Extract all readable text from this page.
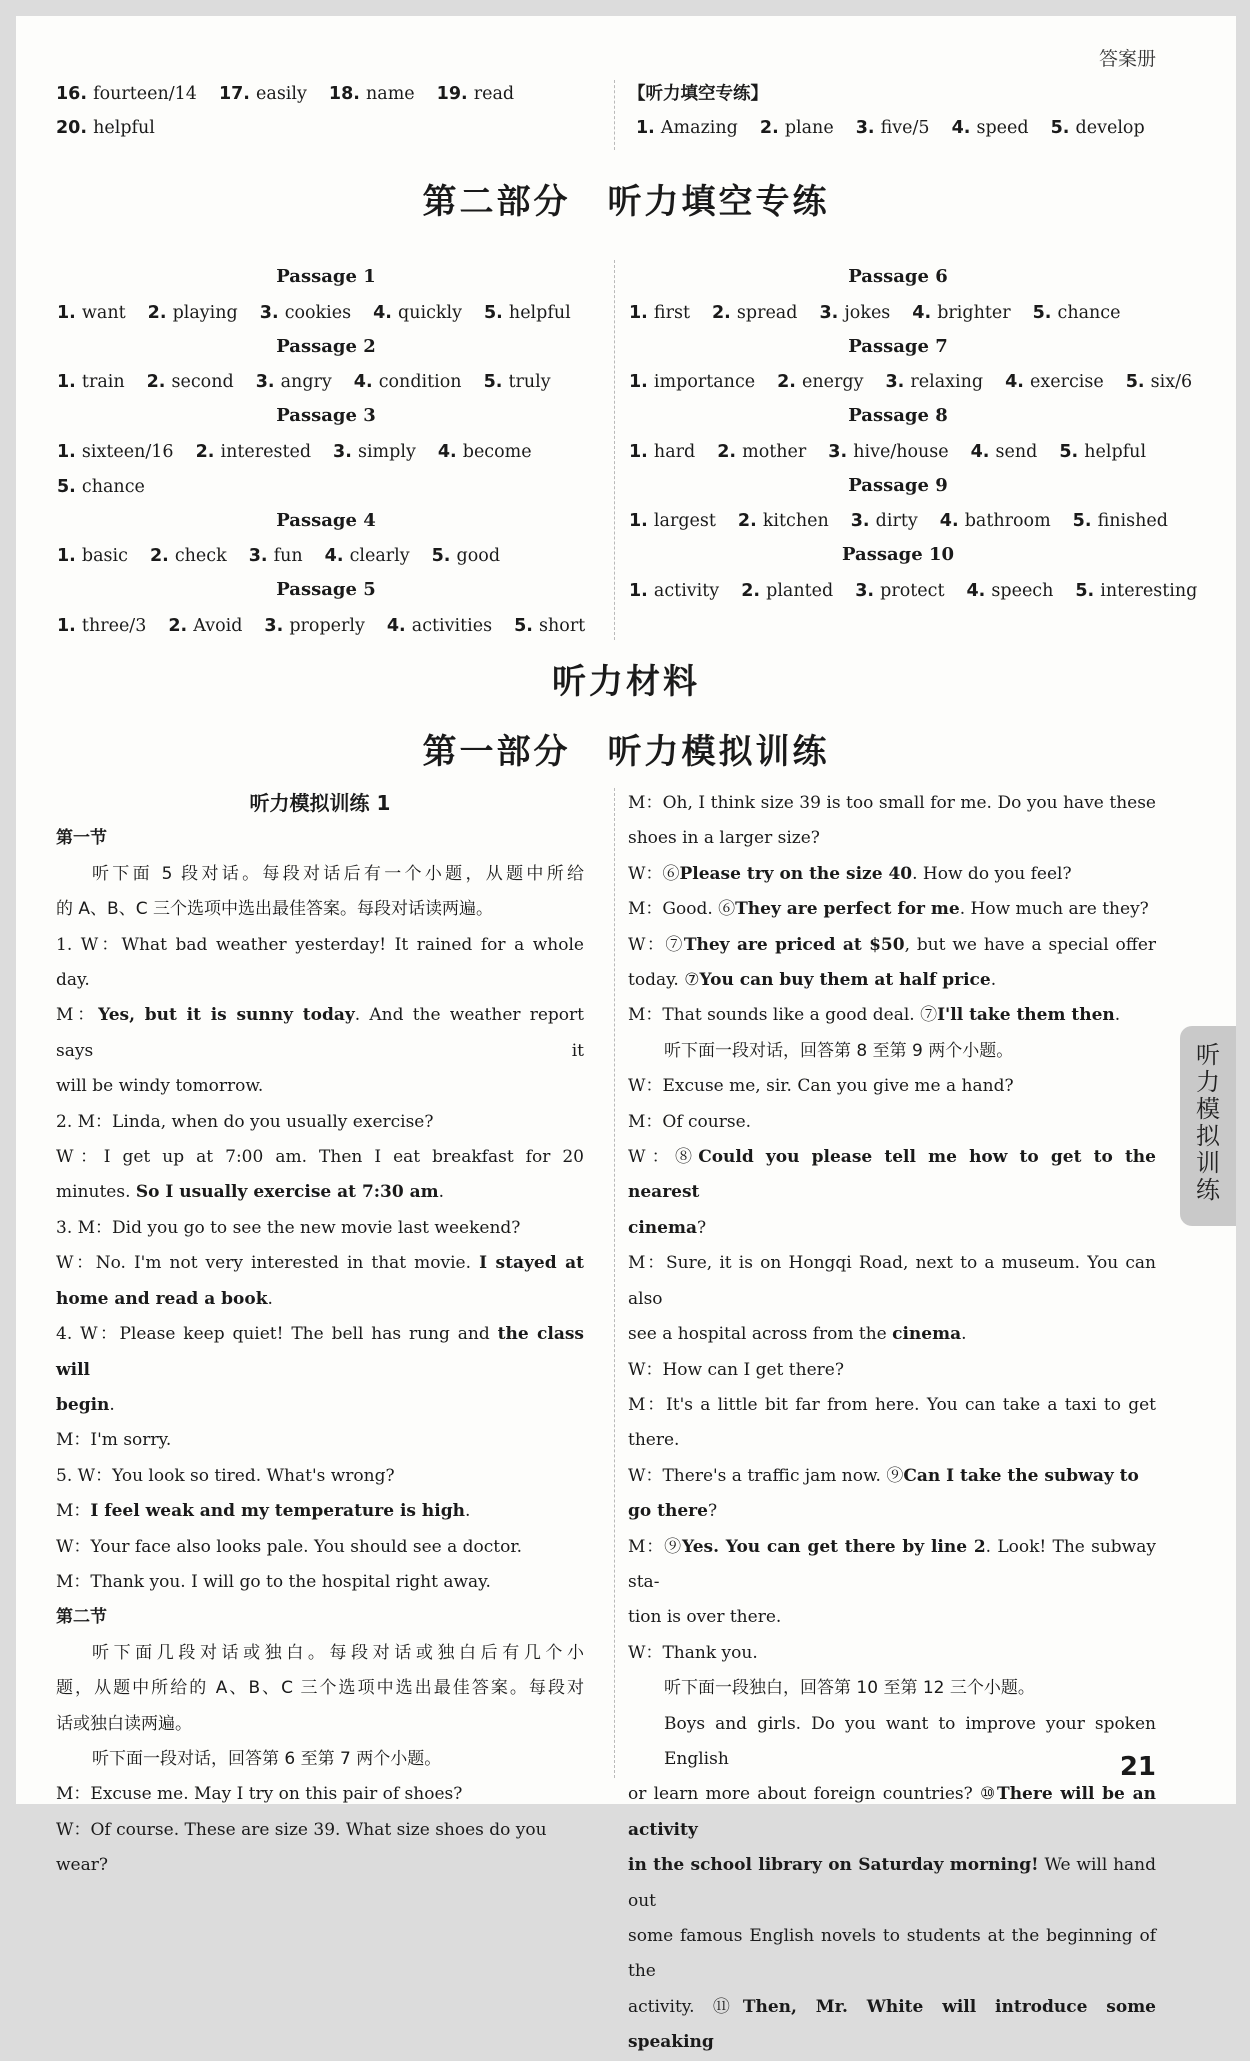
答案册
16. fourteen/14 17. easily 18. name 19. read
20. helpful
【听力填空专练】
1. Amazing 2. plane 3. five/5 4. speed 5. develop
第二部分　听力填空专练
Passage 1
1. want 2. playing 3. cookies 4. quickly 5. helpful
Passage 2
1. train 2. second 3. angry 4. condition 5. truly
Passage 3
1. sixteen/16 2. interested 3. simply 4. become
5. chance
Passage 4
1. basic 2. check 3. fun 4. clearly 5. good
Passage 5
1. three/3 2. Avoid 3. properly 4. activities 5. short
Passage 6
1. first 2. spread 3. jokes 4. brighter 5. chance
Passage 7
1. importance 2. energy 3. relaxing 4. exercise 5. six/6
Passage 8
1. hard 2. mother 3. hive/house 4. send 5. helpful
Passage 9
1. largest 2. kitchen 3. dirty 4. bathroom 5. finished
Passage 10
1. activity 2. planted 3. protect 4. speech 5. interesting
听力材料
第一部分　听力模拟训练

听力模拟训练 1

第一节

听下面 5 段对话。每段对话后有一个小题，从题中所给

的 A、B、C 三个选项中选出最佳答案。每段对话读两遍。

1. W：What bad weather yesterday! It rained for a whole day.

M：Yes, but it is sunny today. And the weather report says it

will be windy tomorrow.

2. M：Linda, when do you usually exercise?

W：I get up at 7:00 am. Then I eat breakfast for 20

minutes. So I usually exercise at 7:30 am.

3. M：Did you go to see the new movie last weekend?

W：No. I'm not very interested in that movie. I stayed at

home and read a book.

4. W：Please keep quiet! The bell has rung and the class will

begin.

M：I'm sorry.

5. W：You look so tired. What's wrong?

M：I feel weak and my temperature is high.

W：Your face also looks pale. You should see a doctor.

M：Thank you. I will go to the hospital right away.

第二节

听下面几段对话或独白。每段对话或独白后有几个小

题，从题中所给的 A、B、C 三个选项中选出最佳答案。每段对

话或独白读两遍。

听下面一段对话，回答第 6 至第 7 两个小题。

M：Excuse me. May I try on this pair of shoes?

W：Of course. These are size 39. What size shoes do you wear?

M：Oh, I think size 39 is too small for me. Do you have these

shoes in a larger size?

W：⑥Please try on the size 40. How do you feel?

M：Good. ⑥They are perfect for me. How much are they?

W：⑦They are priced at $50, but we have a special offer

today. ⑦You can buy them at half price.

M：That sounds like a good deal. ⑦I'll take them then.

听下面一段对话，回答第 8 至第 9 两个小题。

W：Excuse me, sir. Can you give me a hand?

M：Of course.

W：⑧Could you please tell me how to get to the nearest

cinema?

M：Sure, it is on Hongqi Road, next to a museum. You can also

see a hospital across from the cinema.

W：How can I get there?

M：It's a little bit far from here. You can take a taxi to get

there.

W：There's a traffic jam now. ⑨Can I take the subway to go there?

M：⑨Yes. You can get there by line 2. Look! The subway sta-

tion is over there.

W：Thank you.

听下面一段独白，回答第 10 至第 12 三个小题。

Boys and girls. Do you want to improve your spoken English

or learn more about foreign countries? ⑩There will be an activity

in the school library on Saturday morning! We will hand out

some famous English novels to students at the beginning of the

activity. ⑪Then, Mr. White will introduce some speaking

听
力
模
拟
训
练
21
